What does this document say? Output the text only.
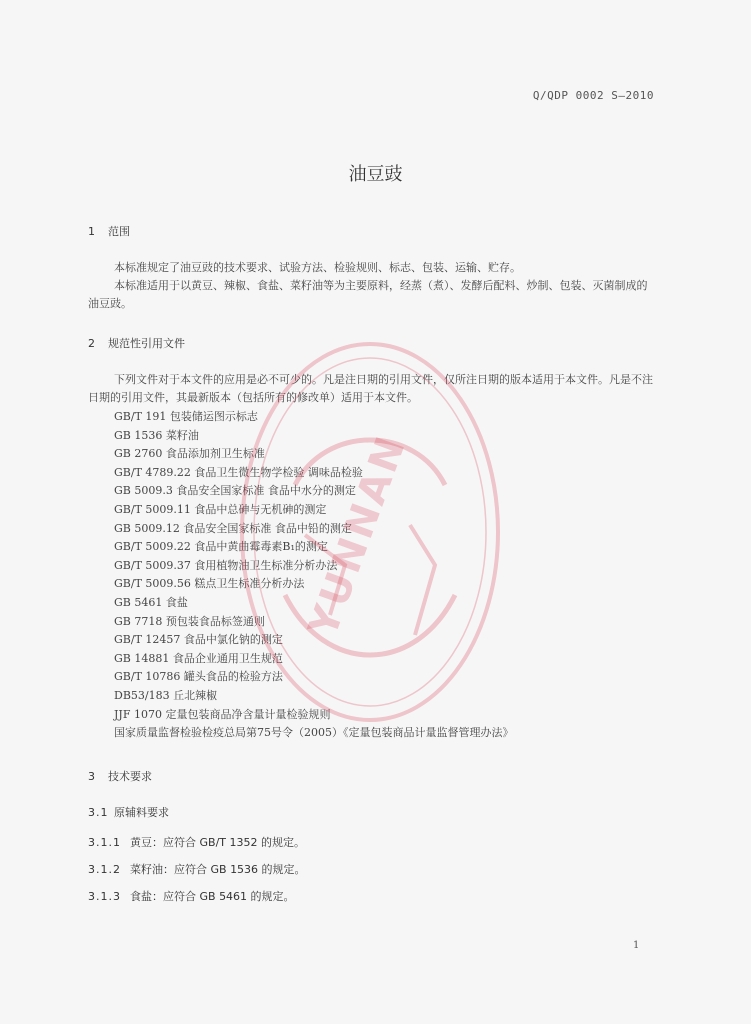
Q/QDP 0002 S—2010
油豆豉
1 范围

本标准规定了油豆豉的技术要求、试验方法、检验规则、标志、包装、运输、贮存。

本标准适用于以黄豆、辣椒、食盐、菜籽油等为主要原料，经蒸（煮）、发酵后配料、炒制、包装、灭菌制成的油豆豉。

2 规范性引用文件

下列文件对于本文件的应用是必不可少的。凡是注日期的引用文件，仅所注日期的版本适用于本文件。凡是不注日期的引用文件，其最新版本（包括所有的修改单）适用于本文件。

GB/T 191 包装储运图示标志
GB 1536 菜籽油
GB 2760 食品添加剂卫生标准
GB/T 4789.22 食品卫生微生物学检验 调味品检验
GB 5009.3 食品安全国家标准 食品中水分的测定
GB/T 5009.11 食品中总砷与无机砷的测定
GB 5009.12 食品安全国家标准 食品中铅的测定
GB/T 5009.22 食品中黄曲霉毒素B₁的测定
GB/T 5009.37 食用植物油卫生标准分析办法
GB/T 5009.56 糕点卫生标准分析办法
GB 5461 食盐
GB 7718 预包装食品标签通则
GB/T 12457 食品中氯化钠的测定
GB 14881 食品企业通用卫生规范
GB/T 10786 罐头食品的检验方法
DB53/183 丘北辣椒
JJF 1070 定量包装商品净含量计量检验规则
国家质量监督检验检疫总局第75号令（2005）《定量包装商品计量监督管理办法》
3 技术要求
3.1 原辅料要求
3.1.1 黄豆：应符合 GB/T 1352 的规定。
3.1.2 菜籽油：应符合 GB 1536 的规定。
3.1.3 食盐：应符合 GB 5461 的规定。
1
YUNNAN
